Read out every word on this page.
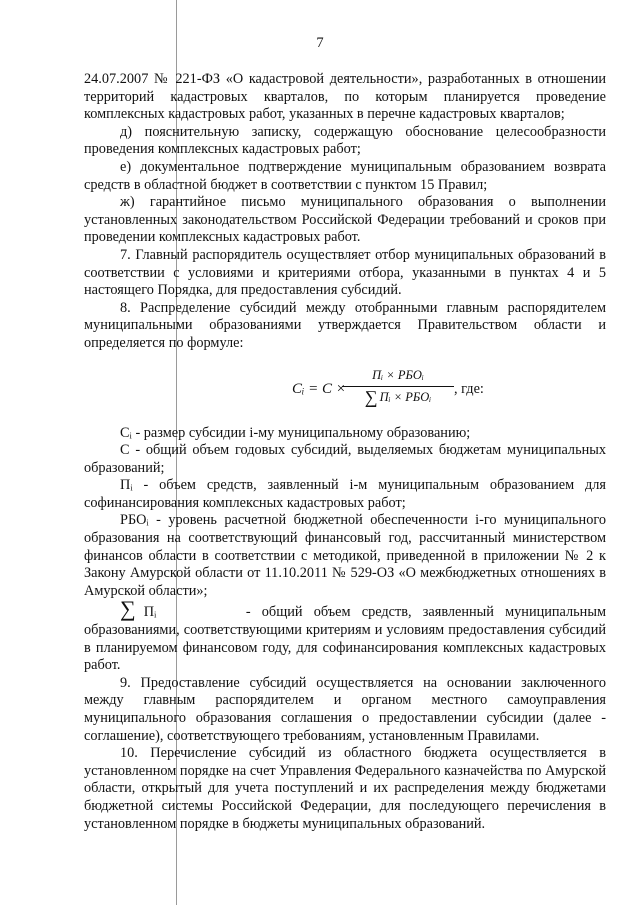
7

24.07.2007 № 221-ФЗ «О кадастровой деятельности», разработанных в отношении территорий кадастровых кварталов, по которым планируется проведение комплексных кадастровых работ, указанных в перечне кадастровых кварталов;

д) пояснительную записку, содержащую обоснование целесообразности проведения комплексных кадастровых работ;

е) документальное подтверждение муниципальным образованием возврата средств в областной бюджет в соответствии с пунктом 15 Правил;

ж) гарантийное письмо муниципального образования о выполнении установленных законодательством Российской Федерации требований и сроков при проведении комплексных кадастровых работ.

7. Главный распорядитель осуществляет отбор муниципальных образований в соответствии с условиями и критериями отбора, указанными в пунктах 4 и 5 настоящего Порядка, для предоставления субсидий.

8. Распределение субсидий между отобранными главным распорядителем муниципальными образованиями утверждается Правительством области и определяется по формуле:

Cᵢ = C ×
Пᵢ × РБОᵢ
∑ Пᵢ × РБОᵢ
, где:

Cᵢ - размер субсидии i-му муниципальному образованию;

С - общий объем годовых субсидий, выделяемых бюджетам муниципальных образований;

Пᵢ - объем средств, заявленный i-м муниципальным образованием для софинансирования комплексных кадастровых работ;

РБОᵢ - уровень расчетной бюджетной обеспеченности i-го муниципального образования на соответствующий финансовый год, рассчитанный министерством финансов области в соответствии с методикой, приведенной в приложении № 2 к Закону Амурской области от 11.10.2011 № 529-ОЗ «О межбюджетных отношениях в Амурской области»;

∑ Пᵢ	- общий объем средств, заявленный муниципальным образованиями, соответствующими критериям и условиям предоставления субсидий в планируемом финансовом году, для софинансирования комплексных кадастровых работ.

9. Предоставление субсидий осуществляется на основании заключенного между главным распорядителем и органом местного самоуправления муниципального образования соглашения о предоставлении субсидии (далее - соглашение), соответствующего требованиям, установленным Правилами.

10. Перечисление субсидий из областного бюджета осуществляется в установленном порядке на счет Управления Федерального казначейства по Амурской области, открытый для учета поступлений и их распределения между бюджетами бюджетной системы Российской Федерации, для последующего перечисления в установленном порядке в бюджеты муниципальных образований.
